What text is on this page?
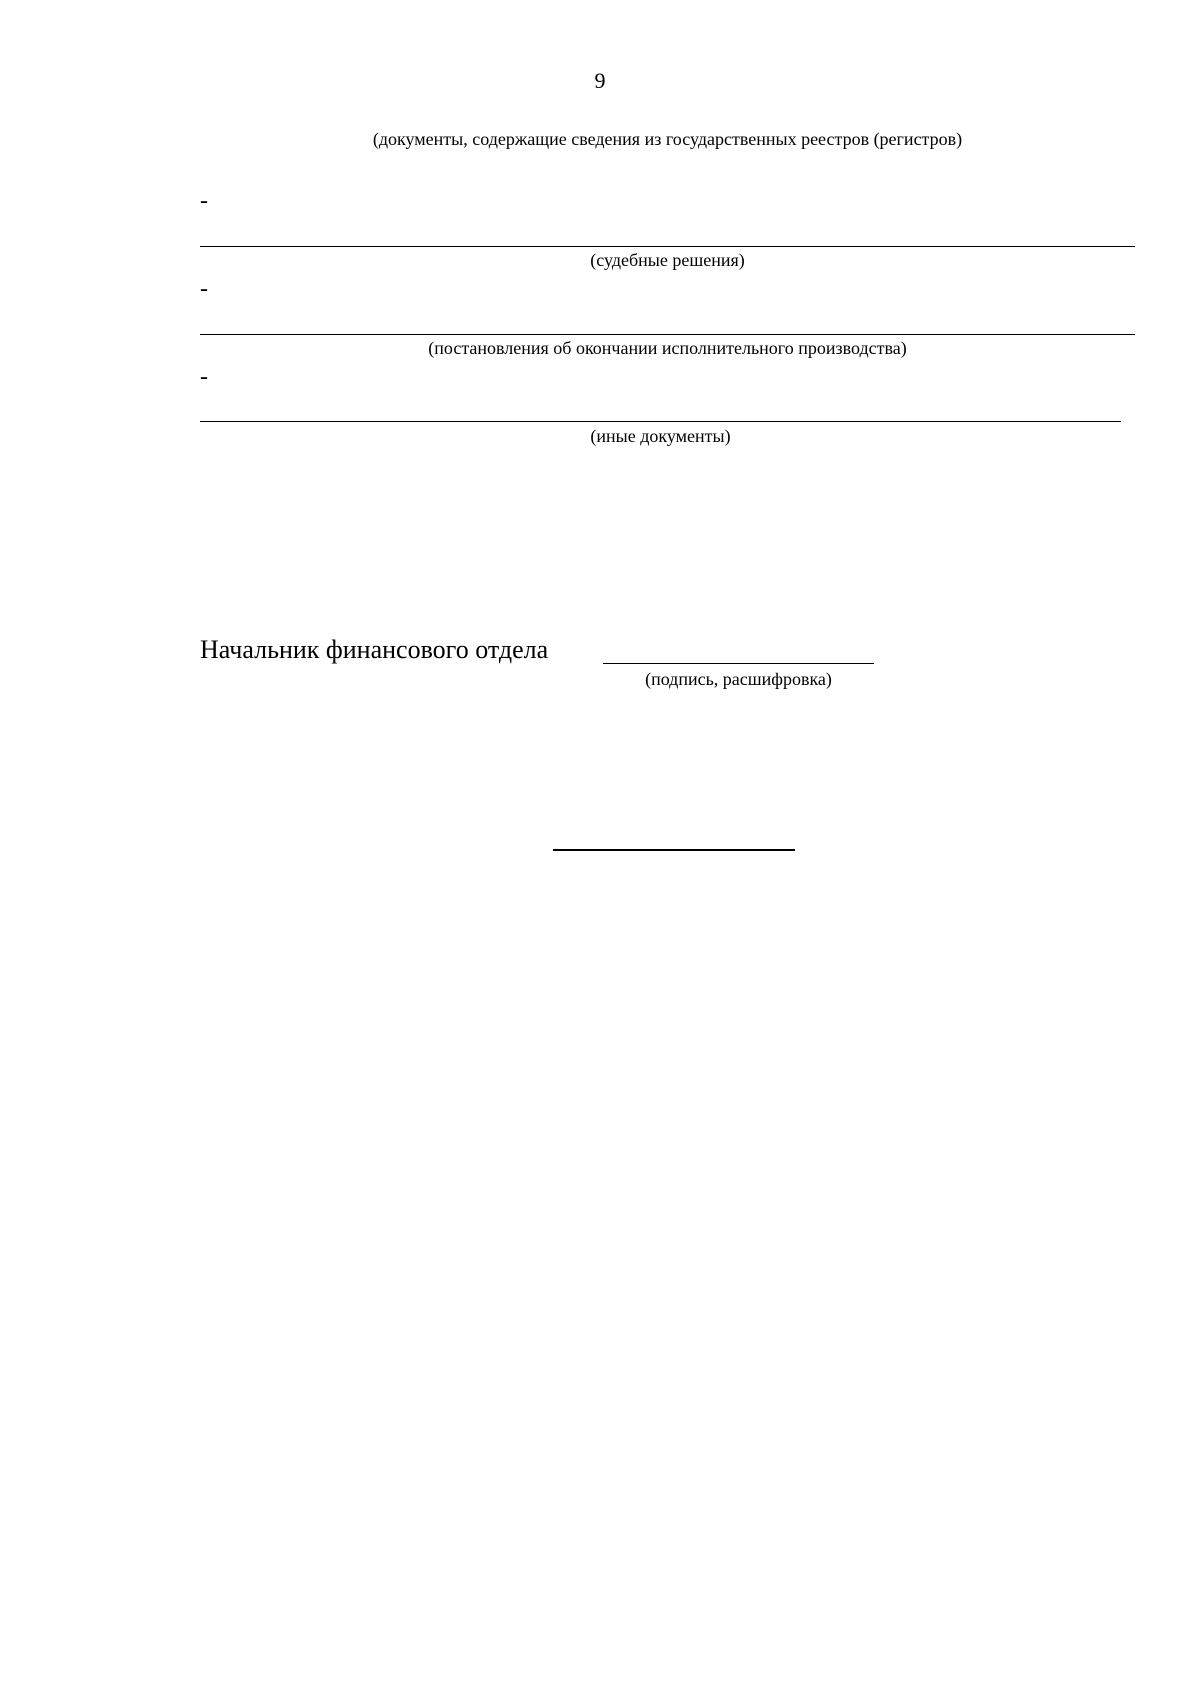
9
(документы, содержащие сведения из государственных реестров (регистров)
-
(судебные решения)
-
(постановления об окончании исполнительного производства)
-
(иные документы)
Начальник финансового отдела
(подпись, расшифровка)
